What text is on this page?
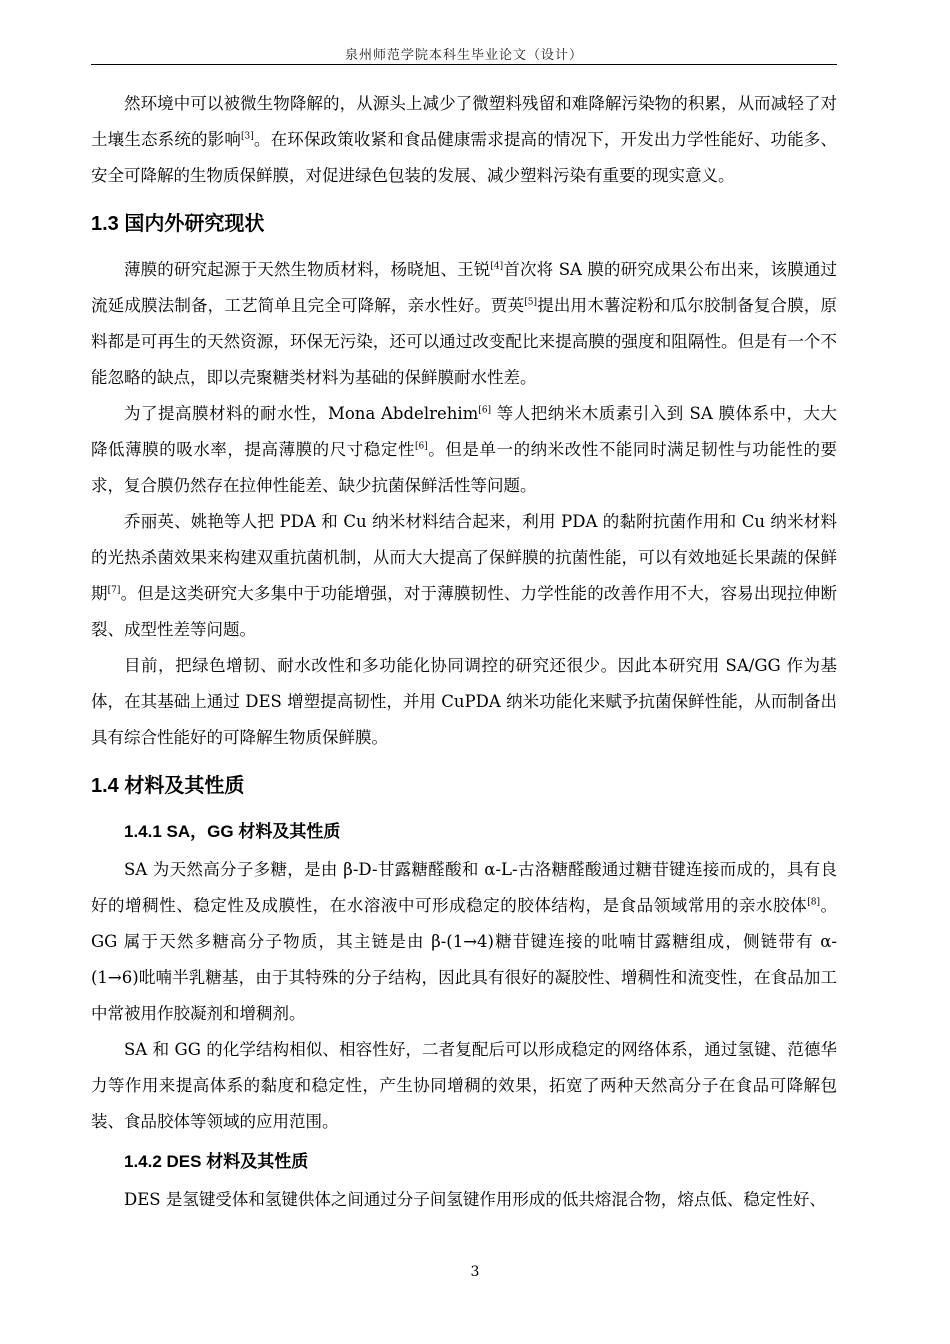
泉州师范学院本科生毕业论文（设计）

然环境中可以被微生物降解的，从源头上减少了微塑料残留和难降解污染物的积累，从而减轻了对土壤生态系统的影响[3]。在环保政策收紧和食品健康需求提高的情况下，开发出力学性能好、功能多、安全可降解的生物质保鲜膜，对促进绿色包装的发展、减少塑料污染有重要的现实意义。

1.3 国内外研究现状

薄膜的研究起源于天然生物质材料，杨晓旭、王锐[4]首次将 SA 膜的研究成果公布出来，该膜通过流延成膜法制备，工艺简单且完全可降解，亲水性好。贾英[5]提出用木薯淀粉和瓜尔胶制备复合膜，原料都是可再生的天然资源，环保无污染，还可以通过改变配比来提高膜的强度和阻隔性。但是有一个不能忽略的缺点，即以壳聚糖类材料为基础的保鲜膜耐水性差。

为了提高膜材料的耐水性，Mona Abdelrehim[6] 等人把纳米木质素引入到 SA 膜体系中，大大降低薄膜的吸水率，提高薄膜的尺寸稳定性[6]。但是单一的纳米改性不能同时满足韧性与功能性的要求，复合膜仍然存在拉伸性能差、缺少抗菌保鲜活性等问题。

乔丽英、姚艳等人把 PDA 和 Cu 纳米材料结合起来，利用 PDA 的黏附抗菌作用和 Cu 纳米材料的光热杀菌效果来构建双重抗菌机制，从而大大提高了保鲜膜的抗菌性能，可以有效地延长果蔬的保鲜期[7]。但是这类研究大多集中于功能增强，对于薄膜韧性、力学性能的改善作用不大，容易出现拉伸断裂、成型性差等问题。

目前，把绿色增韧、耐水改性和多功能化协同调控的研究还很少。因此本研究用 SA/GG 作为基体，在其基础上通过 DES 增塑提高韧性，并用 CuPDA 纳米功能化来赋予抗菌保鲜性能，从而制备出具有综合性能好的可降解生物质保鲜膜。

1.4 材料及其性质
1.4.1 SA，GG 材料及其性质

SA 为天然高分子多糖，是由 β-D-甘露糖醛酸和 α-L-古洛糖醛酸通过糖苷键连接而成的，具有良好的增稠性、稳定性及成膜性，在水溶液中可形成稳定的胶体结构，是食品领域常用的亲水胶体[8]。GG 属于天然多糖高分子物质，其主链是由 β-(1→4)糖苷键连接的吡喃甘露糖组成，侧链带有 α-(1→6)吡喃半乳糖基，由于其特殊的分子结构，因此具有很好的凝胶性、增稠性和流变性，在食品加工中常被用作胶凝剂和增稠剂。

SA 和 GG 的化学结构相似、相容性好，二者复配后可以形成稳定的网络体系，通过氢键、范德华力等作用来提高体系的黏度和稳定性，产生协同增稠的效果，拓宽了两种天然高分子在食品可降解包装、食品胶体等领域的应用范围。

1.4.2 DES 材料及其性质

DES 是氢键受体和氢键供体之间通过分子间氢键作用形成的低共熔混合物，熔点低、稳定性好、

3
